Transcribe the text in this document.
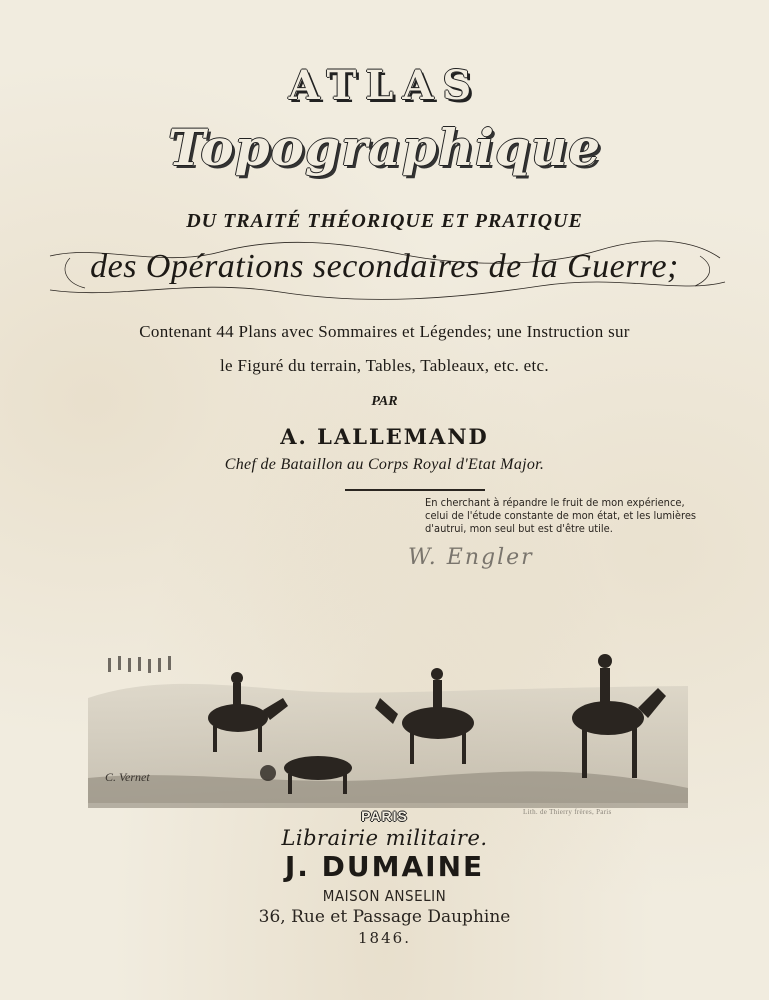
ATLAS
Topographique
DU TRAITÉ THÉORIQUE ET PRATIQUE
des Opérations secondaires de la Guerre;
Contenant 44 Plans avec Sommaires et Légendes; une Instruction sur
le Figuré du terrain, Tables, Tableaux, etc. etc.
PAR
A. LALLEMAND
Chef de Bataillon au Corps Royal d'Etat Major.
En cherchant à répandre le fruit de mon expérience,
celui de l'étude constante de mon état, et les lumières
d'autrui, mon seul but est d'être utile.
W. Engler
C. Vernet
Lith. de Thierry frères, Paris
PARIS
Librairie militaire.
J. DUMAINE
MAISON ANSELIN
36, Rue et Passage Dauphine
1846.
